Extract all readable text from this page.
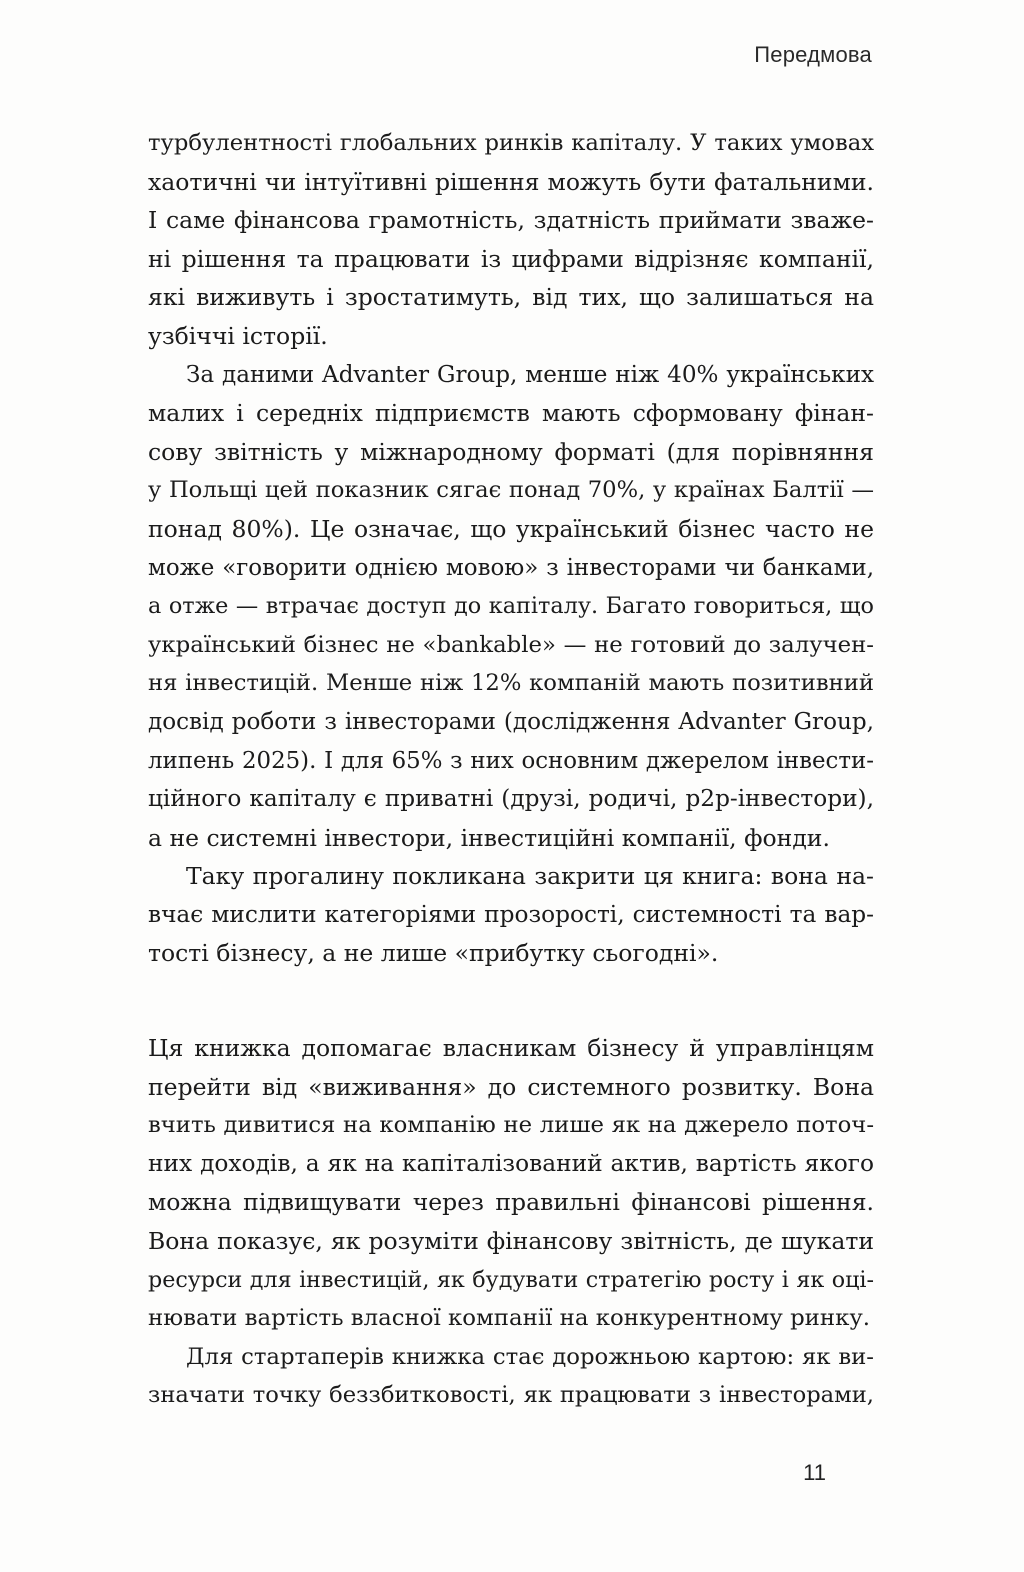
Передмова
турбулентності глобальних ринків капіталу. У таких умовах
хаотичні чи інтуїтивні рішення можуть бути фатальними.
І саме фінансова грамотність, здатність приймати зваже-
ні рішення та працювати із цифрами відрізняє компанії,
які виживуть і зростатимуть, від тих, що залишаться на
узбіччі історії.
За даними Advanter Group, менше ніж 40% українських
малих і середніх підприємств мають сформовану фінан-
сову звітність у міжнародному форматі (для порівняння
у Польщі цей показник сягає понад 70%, у країнах Балтії —
понад 80%). Це означає, що український бізнес часто не
може «говорити однією мовою» з інвесторами чи банками,
а отже — втрачає доступ до капіталу. Багато говориться, що
український бізнес не «bankable» — не готовий до залучен-
ня інвестицій. Менше ніж 12% компаній мають позитивний
досвід роботи з інвесторами (дослідження Advanter Group,
липень 2025). І для 65% з них основним джерелом інвести-
ційного капіталу є приватні (друзі, родичі, p2p-інвестори),
а не системні інвестори, інвестиційні компанії, фонди.
Таку прогалину покликана закрити ця книга: вона на-
вчає мислити категоріями прозорості, системності та вар-
тості бізнесу, а не лише «прибутку сьогодні».
Ця книжка допомагає власникам бізнесу й управлінцям
перейти від «виживання» до системного розвитку. Вона
вчить дивитися на компанію не лише як на джерело поточ-
них доходів, а як на капіталізований актив, вартість якого
можна підвищувати через правильні фінансові рішення.
Вона показує, як розуміти фінансову звітність, де шукати
ресурси для інвестицій, як будувати стратегію росту і як оці-
нювати вартість власної компанії на конкурентному ринку.
Для стартаперів книжка стає дорожньою картою: як ви-
значати точку беззбитковості, як працювати з інвесторами,
11
